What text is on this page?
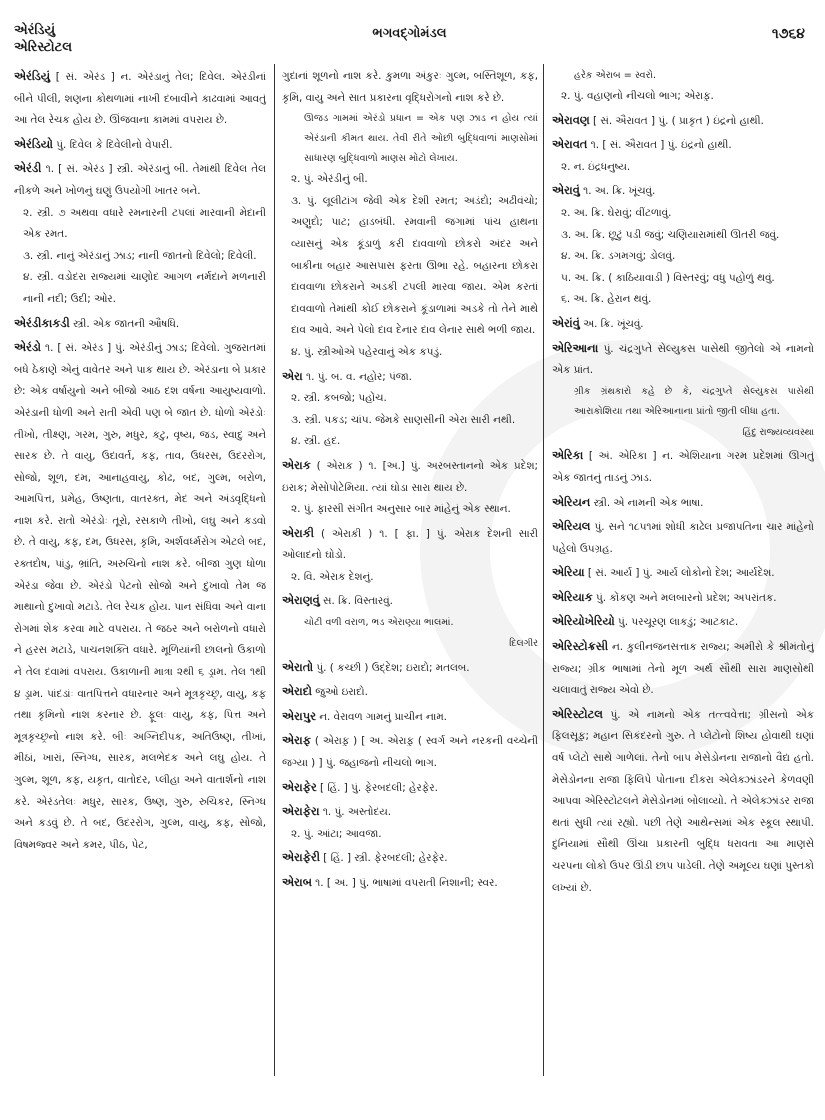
એરંડિયું
એરિસ્ટોટલ
ભગવદ્ગોમંડલ	૧૭૬૪
એરંડિયું [ સં. એરંડ ] ન. એરંડાનું તેલ; દિવેલ. એરંડીનાં બીને પીલી, શણના કોથળામાં નાખી દબાવીને કાઢવામાં આવતું આ તેલ રેચક હોય છે. ઊંજવાના કામમાં વપરાય છે.
એરંડિયો પું. દિવેલ કે દિવેલીનો વેપારી.
એરંડી ૧. [ સં. એરંડ ] સ્ત્રી. એરંડાનું બી. તેમાંથી દિવેલ તેલ નીકળે અને ખોળનું ઘણું ઉપયોગી ખાતર બને.
૨. સ્ત્રી. ૭ અથવા વધારે રમનારની ટપલાં મારવાની મેદાની એક રમત.
૩. સ્ત્રી. નાનું એરંડાનું ઝાડ; નાની જાતનો દિવેલો; દિવેલી.
૪. સ્ત્રી. વડોદરા રાજ્યમાં ચાણોદ આગળ નર્મદાને મળનારી નાની નદી; ઉદી; ઓર.
એરંડીકાકડી સ્ત્રી. એક જાતની ઔષધિ.
એરંડો ૧. [ સં. એરંડ ] પું. એરંડીનું ઝાડ; દિવેલો. ગુજરાતમાં બધે ઠેકાણે એનું વાવેતર અને પાક થાય છે. એરંડાના બે પ્રકાર છે: એક વર્ષાયુનો અને બીજો આઠ દશ વર્ષના આયુષ્યવાળો. એરંડાની ધોળી અને રાતી એવી પણ બે જાત છે. ધોળો એરંડોઃ તીખો, તીક્ષ્ણ, ગરમ, ગુરુ, મધુર, કટુ, વૃષ્ય, જડ, સ્વાદુ અને સારક છે. તે વાયુ, ઉદાવર્ત, કફ, તાવ, ઉધરસ, ઉદરરોગ, સોજો, શૂળ, દમ, આનાહવાયુ, કોઢ, બદ, ગુલ્મ, બરોળ, આમપિત્ત, પ્રમેહ, ઉષ્ણતા, વાતરક્ત, મેદ અને અંડવૃદ્ધિનો નાશ કરે. રાતો એરંડોઃ તૂરો, રસકાળે તીખો, લઘુ અને કડવો છે. તે વાયુ, કફ, દમ, ઉધરસ, કૃમિ, અર્શવર્ધ્મરોગ એટલે બદ, રક્તદોષ, પાંડુ, ભ્રાંતિ, અરુચિનો નાશ કરે. બીજા ગુણ ધોળા એરંડા જેવા છે. એરંડો પેટનો સોજો અને દુખાવો તેમ જ માથાનો દુખાવો મટાડે. તેલ રેચક હોય. પાન સંધિવા અને વાના રોગમાં શેક કરવા માટે વપરાય. તે જઠર અને બરોળનો વધારો ને હરસ મટાડે, પાચનશક્તિ વધારે. મૂળિયાંની છાલનો ઉકાળો ને તેલ દવામાં વપરાય. ઉકાળાની માત્રા ૨થી ૬ ડ્રામ. તેલ ૧થી ૪ ડ્રામ. પાંદડાંઃ વાતપિત્તને વધારનાર અને મૂત્રકૃચ્છ્ર, વાયુ, કફ તથા કૃમિનો નાશ કરનાર છે. ફૂલઃ વાયુ, કફ, પિત્ત અને મૂત્રકૃચ્છ્રનો નાશ કરે. બીઃ અગ્નિદીપક, અતિઉષ્ણ, તીખાં, મીઠાં, ખારાં, સ્નિગ્ધ, સારક, મલભેદક અને લઘુ હોય. તે ગુલ્મ, શૂળ, કફ, યકૃત, વાતોદર, પ્લીહા અને વાતાર્શનો નાશ કરે. એરંડતેલઃ મધુર, સારક, ઉષ્ણ, ગુરુ, રુચિકર, સ્નિગ્ધ અને કડવું છે. તે બદ, ઉદરરોગ, ગુલ્મ, વાયુ, કફ, સોજો, વિષમજ્વર અને કમર, પીઠ, પેટ,
ગુદાનાં શૂળનો નાશ કરે. કુમળા અંકુરઃ ગુલ્મ, બસ્તિશૂળ, કફ, કૃમિ, વાયુ અને સાત પ્રકારના વૃદ્ધિરોગનો નાશ કરે છે.
ઊજડ ગામમાં એરંડો પ્રધાન = એક પણ ઝાડ ન હોય ત્યાં એરંડાની કીમત થાય. તેવી રીતે ઓછી બુદ્ધિવાળાં માણસોમાં સાધારણ બુદ્ધિવાળો માણસ મોટો લેખાય.
૨. પું. એરંડીનું બી.
૩. પું. લૂલીટાંગ જેવી એક દેશી રમત; અડંદો; અઢીવંચો; અણુદો; પાટ; હાડબંધી. રમવાની જગામાં પાંચ હાથના વ્યાસનું એક કૂંડાળું કરી દાવવાળો છોકરો અંદર અને બાકીના બહાર આસપાસ ફરતા ઊભા રહે. બહારના છોકરા દાવવાળા છોકરાને અડકી ટપલી મારવા જાય. એમ કરતાં દાવવાળો તેમાંથી કોઈ છોકરાને કૂંડાળામાં અડકે તો તેને માથે દાવ આવે. અને પેલો દાવ દેનાર દાવ લેનાર સાથે ભળી જાય.
૪. પું. સ્ત્રીઓએ પહેરવાનું એક કપડું.
એરા ૧. પું. બ. વ. નહોર; પંજા.
૨. સ્ત્રી. કબજો; પહોંચ.
૩. સ્ત્રી. પકડ; ચાંપ. જેમકે સાણસીની એરા સારી નથી.
૪. સ્ત્રી. હદ.
એરાક ( એરાક઼ ) ૧. [અ.] પું. અરબસ્તાનનો એક પ્રદેશ; ઇરાક; મેસોપોટેમિયા. ત્યાં ઘોડા સારા થાય છે.
૨. પું. ફારસી સંગીત અનુસાર બાર માંહેનું એક સ્થાન.
એરાકી ( એરાક઼ી ) ૧. [ ફા. ] પું. એરાક દેશની સારી ઓલાદનો ઘોડો.
૨. વિ. એરાક દેશનું.
એરાણવું સ. ક્રિ. વિસ્તારવું.
ચોટી વળી વરાળ, ભડ એરાણ્યા ભાલમાં.
દિલગીર
એરાતો પું. ( કચ્છી ) ઉદ્દેશ; ઇરાદો; મતલબ.
એરાદો જુઓ ઇરાદો.
એરાપુર ન. વેરાવળ ગામનું પ્રાચીન નામ.
એરાફ ( એરાફ઼ ) [ અ. એરાફ઼ ( સ્વર્ગ અને નરકની વચ્ચેની જગ્યા ) ] પું. જહાજનો નીચલો ભાગ.
એરાફેર [ હિં. ] પું. ફેરબદલી; હેરફેર.
એરાફેરા ૧. પું. અસ્તોદય.
૨. પું. આંટા; આવજા.
એરાફેરી [ હિં. ] સ્ત્રી. ફેરબદલી; હેરફેર.
એરાબ ૧. [ અ. ] પું. ભાષામાં વપરાતી નિશાની; સ્વર.
હરેક઼ એરાબ = સ્વરો.
૨. પું. વહાણનો નીચલો ભાગ; એરાફ઼.
એરાવણ [ સં. ઐરાવત ] પું. ( પ્રાકૃત ) ઇંદ્રનો હાથી.
એરાવત ૧. [ સં. ઐરાવત ] પું. ઇંદ્રનો હાથી.
૨. ન. ઇંદ્રધનુષ્ય.
એરાવું ૧. અ. ક્રિ. ખૂંચવું.
૨. અ. ક્રિ. ઘેરાવું; વીંટળાવું.
૩. અ. ક્રિ. છૂટું પડી જવું; ચણિયારામાંથી ઊતરી જવું.
૪. અ. ક્રિ. ડગમગવું; ડોલવું.
૫. અ. ક્રિ. ( કાઠિયાવાડી ) વિસ્તરવું; વધુ પહોળું થવું.
૬. અ. ક્રિ. હેરાન થવું.
એરાંવું અ. ક્રિ. ખૂંચવું.
એરિઆના પું. ચંદ્રગુપ્તે સેલ્યુકસ પાસેથી જીતેલો એ નામનો એક પ્રાંત.
ગ્રીક ગ્રંથકારો કહે છે કે, ચંદ્રગુપ્તે સેલ્યુકસ પાસેથી આરાકોશિયા તથા એરિઆનાના પ્રાંતો જીતી લીધા હતા.
હિંદુ રાજ્યવ્યવસ્થા
એરિકા [ અં. એરિકા ] ન. એશિયાના ગરમ પ્રદેશમાં ઊગતું એક જાતનું તાડનું ઝાડ.
એરિયન સ્ત્રી. એ નામની એક ભાષા.
એરિયલ પું. સને ૧૮૫૧માં શોધી કાઢેલ પ્રજાપતિના ચાર માંહેનો પહેલો ઉપગ્રહ.
એરિયા [ સં. આર્ય ] પું. આર્ય લોકોનો દેશ; આર્યદેશ.
એરિયાક પું. કોંકણ અને મલબારનો પ્રદેશ; અપરાંતક.
એરિયોખેરિયો પું. પરચૂરણ લાકડું; આટકાટ.
એરિસ્ટોક્રસી ન. કુલીનજનસત્તાક રાજ્ય; અમીરો કે શ્રીમંતોનું રાજ્ય; ગ્રીક ભાષામાં તેનો મૂળ અર્થ સૌથી સારા માણસોથી ચલાવાતું રાજ્ય એવો છે.
એરિસ્ટોટલ પું. એ નામનો એક તત્ત્વવેત્તા; ગ્રીસનો એક ફિલસૂફ; મહાન સિકંદરનો ગુરુ. તે પ્લેટોનો શિષ્ય હોવાથી ઘણાં વર્ષ પ્લેટો સાથે ગાળેલાં. તેનો બાપ મેસેડોનના રાજાનો વૈદ્ય હતો. મેસેડોનના રાજા ફિલિપે પોતાના દીકરા એલેક્ઝાંડરને કેળવણી આપવા એરિસ્ટોટલને મેસેડોનમાં બોલાવ્યો. તે એલેક્ઝાંડર રાજા થતાં સુધી ત્યાં રહ્યો. પછી તેણે આથેન્સમાં એક સ્કૂલ સ્થાપી. દુનિયામાં સૌથી ઊંચા પ્રકારની બુદ્ધિ ધરાવતા આ માણસે ચરપના લોકો ઉપર ઊંડી છાપ પાડેલી. તેણે અમૂલ્ય ઘણાં પુસ્તકો લખ્યાં છે.
